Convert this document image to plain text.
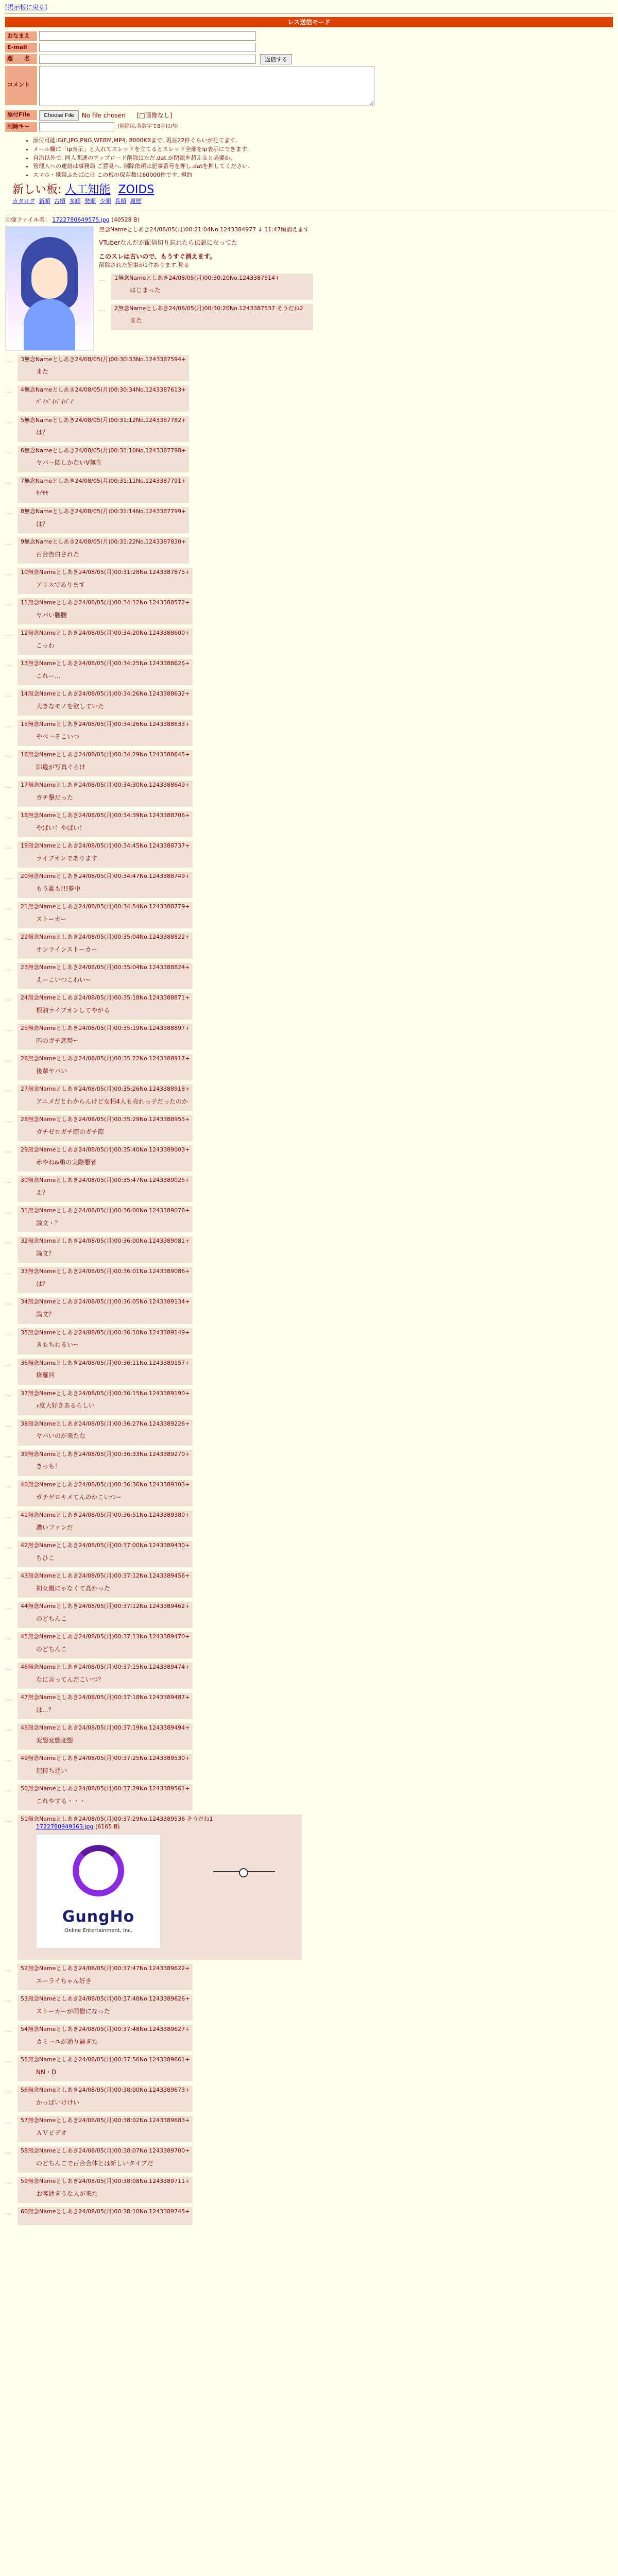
[掲示板に戻る]
レス送信モード
おなまえ
E-mail
題　　名	返信する
コメント
添付File	Choose File	No file chosen [□画像なし]
削除キー	(削除用.英数字で8字以内)
• 添付可能:GIF,JPG,PNG,WEBM,MP4. 8000KBまで. 現在22件ぐらいが見てます.
• メール欄に「ip表示」と入れてスレッドを立てるとスレッド全部をip表示にできます.
• 自治以外で. 同人関連のアップロード削除はただ.dat が閉鎖を超えると必要か。
• 管理人への連絡は事務局 ご意見へ. 削除依頼は記事番号を押し.datを押してください.
• スマホ・携帯ふたばに日 この板の保存数は60000件です. 規約
新しい板: 人工知能 ZOIDS
カタログ 新順 古順 多順 勢順 少順 長順 履歴
画像ファイル名： 1722780649575.jpg (40528 B)
無念Nameとしあき24/08/05(月)00:21:04No.1243384977 ↓ 11:47頃消えます
VTuberなんだが配信切り忘れたら伝説になってた
このスレは古いので、もうすぐ消えます。
削除された記事が1件あります.見る
…	1無念Nameとしあき24/08/05(月)00:30:20No.1243387514+
はじまった
…	2無念Nameとしあき24/08/05(月)00:30:20No.1243387537 そうだね2
また
…	3無念Nameとしあき24/08/05(月)00:30:33No.1243387594+
また
…	4無念Nameとしあき24/08/05(月)00:30:34No.1243387613+
ﾊﾞｲﾊﾞｲﾊﾞｲﾊﾞｲ
…	5無念Nameとしあき24/08/05(月)00:31:12No.1243387782+
は？
…	6無念Nameとしあき24/08/05(月)00:31:10No.1243387798+
ヤバー悶しかないV無生
…	7無念Nameとしあき24/08/05(月)00:31:11No.1243387791+
ﾔｲﾔﾔ
…	8無念Nameとしあき24/08/05(月)00:31:14No.1243387799+
は？
…	9無念Nameとしあき24/08/05(月)00:31:22No.1243387830+
百合告白された
…	10無念Nameとしあき24/08/05(月)00:31:28No.1243387875+
アリスであります
…	11無念Nameとしあき24/08/05(月)00:34:12No.1243388572+
ヤバい腰腰
…	12無念Nameとしあき24/08/05(月)00:34:20No.1243388600+
こっわ
…	13無念Nameとしあき24/08/05(月)00:34:25No.1243388626+
これー...
…	14無念Nameとしあき24/08/05(月)00:34:26No.1243388632+
大きなモノを欲していた
…	15無念Nameとしあき24/08/05(月)00:34:26No.1243388633+
やべーそこいつ
…	16無念Nameとしあき24/08/05(月)00:34:29No.1243388645+
郎違が写真ぐらけ
…	17無念Nameとしあき24/08/05(月)00:34:30No.1243388649+
ガチ撃だった
…	18無念Nameとしあき24/08/05(月)00:34:39No.1243388706+
やばい！やばい！
…	19無念Nameとしあき24/08/05(月)00:34:45No.1243388737+
ライブオンであります
…	20無念Nameとしあき24/08/05(月)00:34:47No.1243388749+
もう誰も!!!夢中
…	21無念Nameとしあき24/08/05(月)00:34:54No.1243388779+
ストーカー
…	22無念Nameとしあき24/08/05(月)00:35:04No.1243388822+
オンラインストーカー
…	23無念Nameとしあき24/08/05(月)00:35:04No.1243388824+
えーこいつこわい~
…	24無念Nameとしあき24/08/05(月)00:35:18No.1243388871+
根油ライブオンしてやがる
…	25無念Nameとしあき24/08/05(月)00:35:19No.1243388897+
匹のガチ恋勢~
…	26無念Nameとしあき24/08/05(月)00:35:22No.1243388917+
後輩ヤバい
…	27無念Nameとしあき24/08/05(月)00:35:26No.1243388918+
アニメだとわからんけど女相4人も売れっ子だったのか
…	28無念Nameとしあき24/08/05(月)00:35:29No.1243388955+
ガチゼロガチ際のガチ際
…	29無念Nameとしあき24/08/05(月)00:35:40No.1243389003+
赤やね&弟の実際悪者
…	30無念Nameとしあき24/08/05(月)00:35:47No.1243389025+
え？
…	31無念Nameとしあき24/08/05(月)00:36:00No.1243389078+
論文・？
…	32無念Nameとしあき24/08/05(月)00:36:00No.1243389081+
論文？
…	33無念Nameとしあき24/08/05(月)00:36:01No.1243389086+
は？
…	34無念Nameとしあき24/08/05(月)00:36:05No.1243389134+
論文？
…	35無念Nameとしあき24/08/05(月)00:36:10No.1243389149+
きもちわるい~
…	36無念Nameとしあき24/08/05(月)00:36:11No.1243389157+
修羅回
…	37無念Nameとしあき24/08/05(月)00:36:15No.1243389190+
ｫ度大好きあるらしい
…	38無念Nameとしあき24/08/05(月)00:36:27No.1243389226+
ヤバいのが来たな
…	39無念Nameとしあき24/08/05(月)00:36:33No.1243389270+
きっも！
…	40無念Nameとしあき24/08/05(月)00:36:36No.1243389303+
ガチゼロキメてんのかこいつ~
…	41無念Nameとしあき24/08/05(月)00:36:51No.1243389380+
濃いファンだ
…	42無念Nameとしあき24/08/05(月)00:37:00No.1243389430+
ちひこ
…	43無念Nameとしあき24/08/05(月)00:37:12No.1243389456+
初女親にゃなくて高かった
…	44無念Nameとしあき24/08/05(月)00:37:12No.1243389462+
のどちんこ
…	45無念Nameとしあき24/08/05(月)00:37:13No.1243389470+
のどちんこ
…	46無念Nameとしあき24/08/05(月)00:37:15No.1243389474+
なに言ってんだこいつ？
…	47無念Nameとしあき24/08/05(月)00:37:18No.1243389487+
は...？
…	48無念Nameとしあき24/08/05(月)00:37:19No.1243389494+
変態変態変態
…	49無念Nameとしあき24/08/05(月)00:37:25No.1243389530+
犯持ち悪い
…	50無念Nameとしあき24/08/05(月)00:37:29No.1243389561+
これやする・・・
…	51無念Nameとしあき24/08/05(月)00:37:29No.1243389536 そうだね1
1722780949363.jpg (6165 B)
GungHo
Online Entertainment, Inc.
…	52無念Nameとしあき24/08/05(月)00:37:47No.1243389622+
エーライちゃん好き
…	53無念Nameとしあき24/08/05(月)00:37:48No.1243389626+
ストーカーが同僚になった
…	54無念Nameとしあき24/08/05(月)00:37:48No.1243389627+
カミーユが通り過ぎた
…	55無念Nameとしあき24/08/05(月)00:37:56No.1243389661+
NN・D
…	56無念Nameとしあき24/08/05(月)00:38:00No.1243389673+
かっぱいけけい
…	57無念Nameとしあき24/08/05(月)00:38:02No.1243389683+
ＡＶビデオ
…	58無念Nameとしあき24/08/05(月)00:38:07No.1243389700+
のどちんこで百合合体とは新しいタイプだ
…	59無念Nameとしあき24/08/05(月)00:38:08No.1243389711+
お客通ぎうな人が来た
…	60無念Nameとしあき24/08/05(月)00:38:10No.1243389745+
